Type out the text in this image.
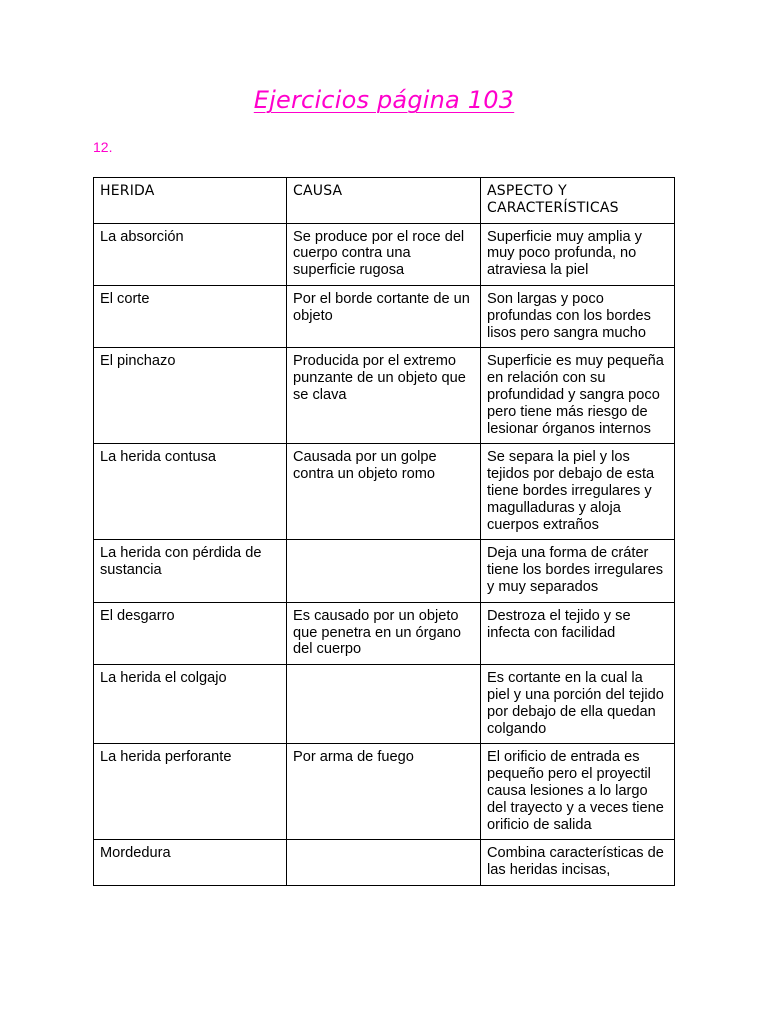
Ejercicios página 103
12.
HERIDA	CAUSA	ASPECTO Y CARACTERÍSTICAS
La absorción	Se produce por el roce del cuerpo contra una superficie rugosa	Superficie muy amplia y muy poco profunda, no atraviesa la piel
El corte	Por el borde cortante de un objeto	Son largas y poco profundas con los bordes lisos pero sangra mucho
El pinchazo	Producida por el extremo punzante de un objeto que se clava	Superficie es muy pequeña en relación con su profundidad y sangra poco pero tiene más riesgo de lesionar órganos internos
La herida contusa	Causada por un golpe contra un objeto romo	Se separa la piel y los tejidos por debajo de esta tiene bordes irregulares y magulladuras y aloja cuerpos extraños
La herida con pérdida de sustancia		Deja una forma de cráter tiene los bordes irregulares y muy separados
El desgarro	Es causado por un objeto que penetra en un órgano del cuerpo	Destroza el tejido y se infecta con facilidad
La herida el colgajo		Es cortante en la cual la piel y una porción del tejido por debajo de ella quedan colgando
La herida perforante	Por arma de fuego	El orificio de entrada es pequeño pero el proyectil causa lesiones a lo largo del trayecto y a veces tiene orificio de salida
Mordedura		Combina características de las heridas incisas,
